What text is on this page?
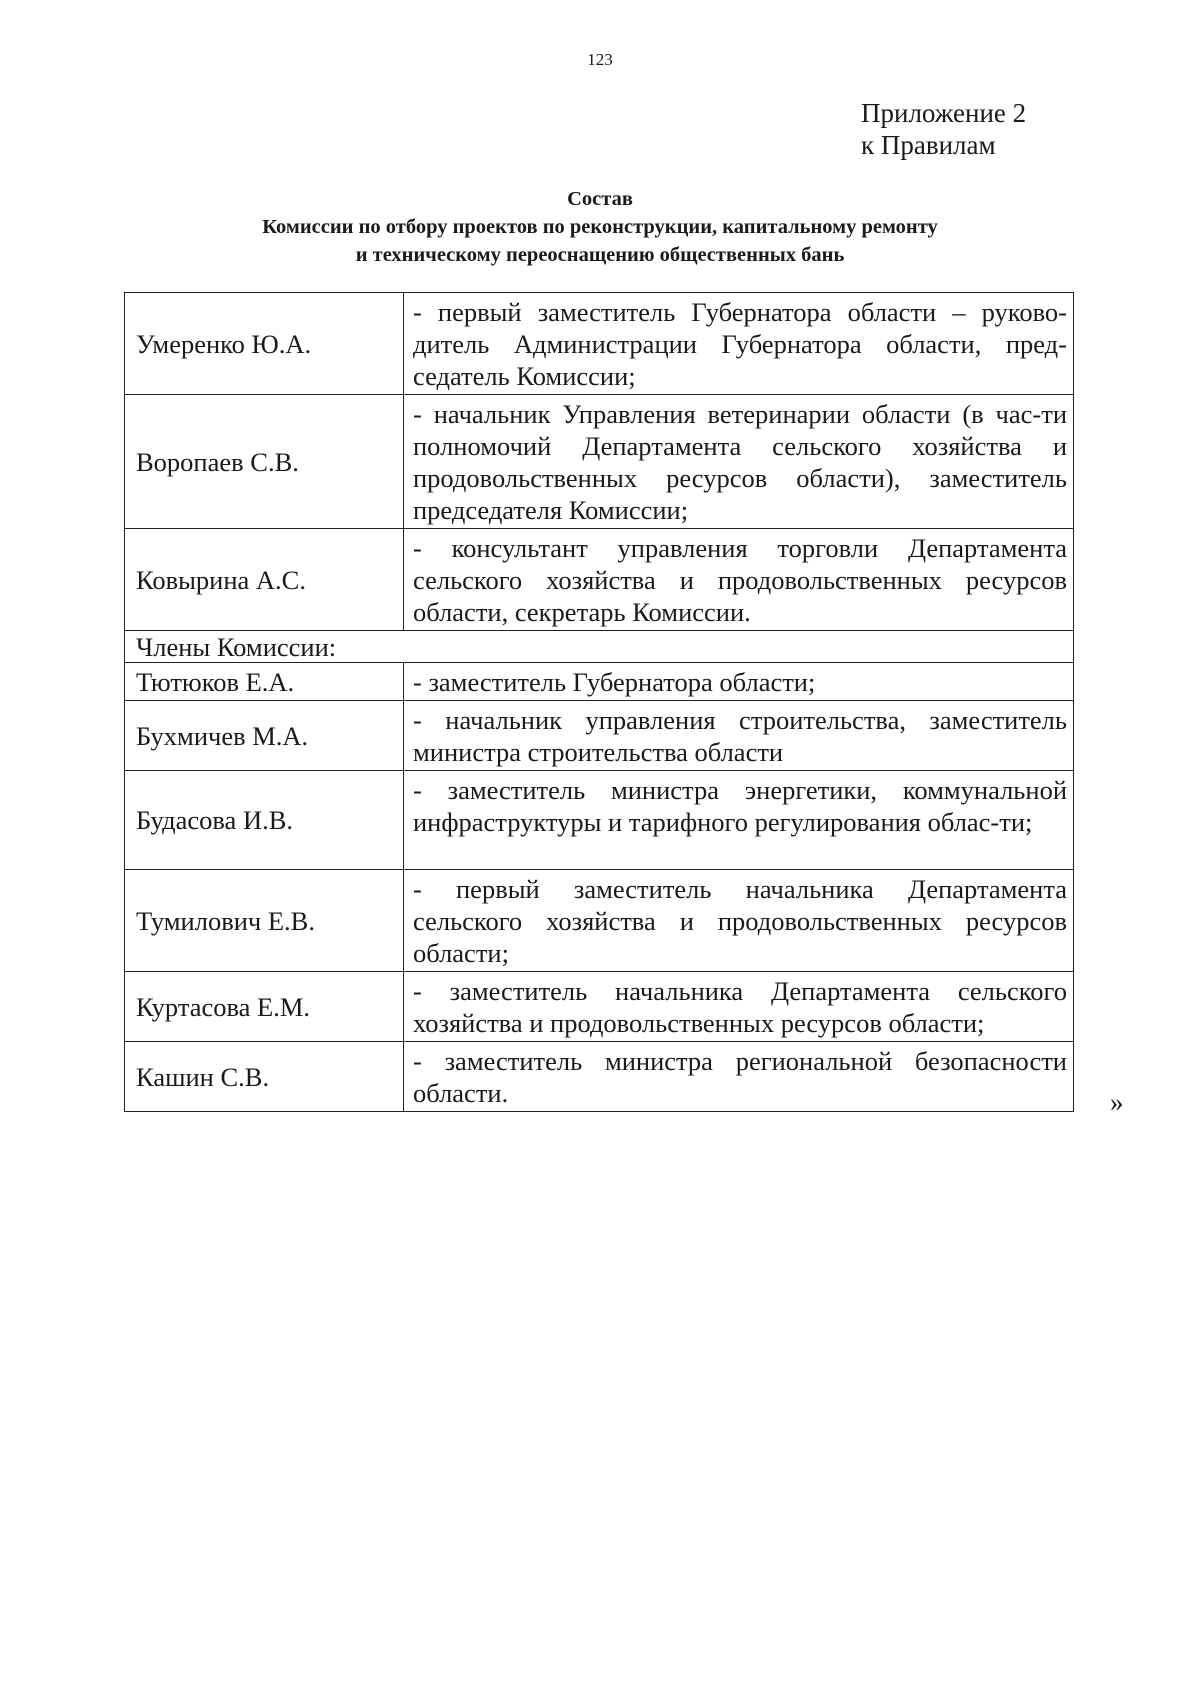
123
Приложение 2
к Правилам
Состав
Комиссии по отбору проектов по реконструкции, капитальному ремонту
и техническому переоснащению общественных бань
Умеренко Ю.А.	- первый заместитель Губернатора области – руково-дитель Администрации Губернатора области, пред-седатель Комиссии;
Воропаев С.В.	- начальник Управления ветеринарии области (в час-ти полномочий Департамента сельского хозяйства и продовольственных ресурсов области), заместитель председателя Комиссии;
Ковырина А.С.	- консультант управления торговли Департамента сельского хозяйства и продовольственных ресурсов области, секретарь Комиссии.
Члены Комиссии:	
Тютюков Е.А.	- заместитель Губернатора области;
Бухмичев М.А.	- начальник управления строительства, заместитель министра строительства области
Будасова И.В.	- заместитель министра энергетики, коммунальной инфраструктуры и тарифного регулирования облас-ти;
Тумилович Е.В.	- первый заместитель начальника Департамента сельского хозяйства и продовольственных ресурсов области;
Куртасова Е.М.	- заместитель начальника Департамента сельского хозяйства и продовольственных ресурсов области;
Кашин С.В.	- заместитель министра региональной безопасности области.	»
